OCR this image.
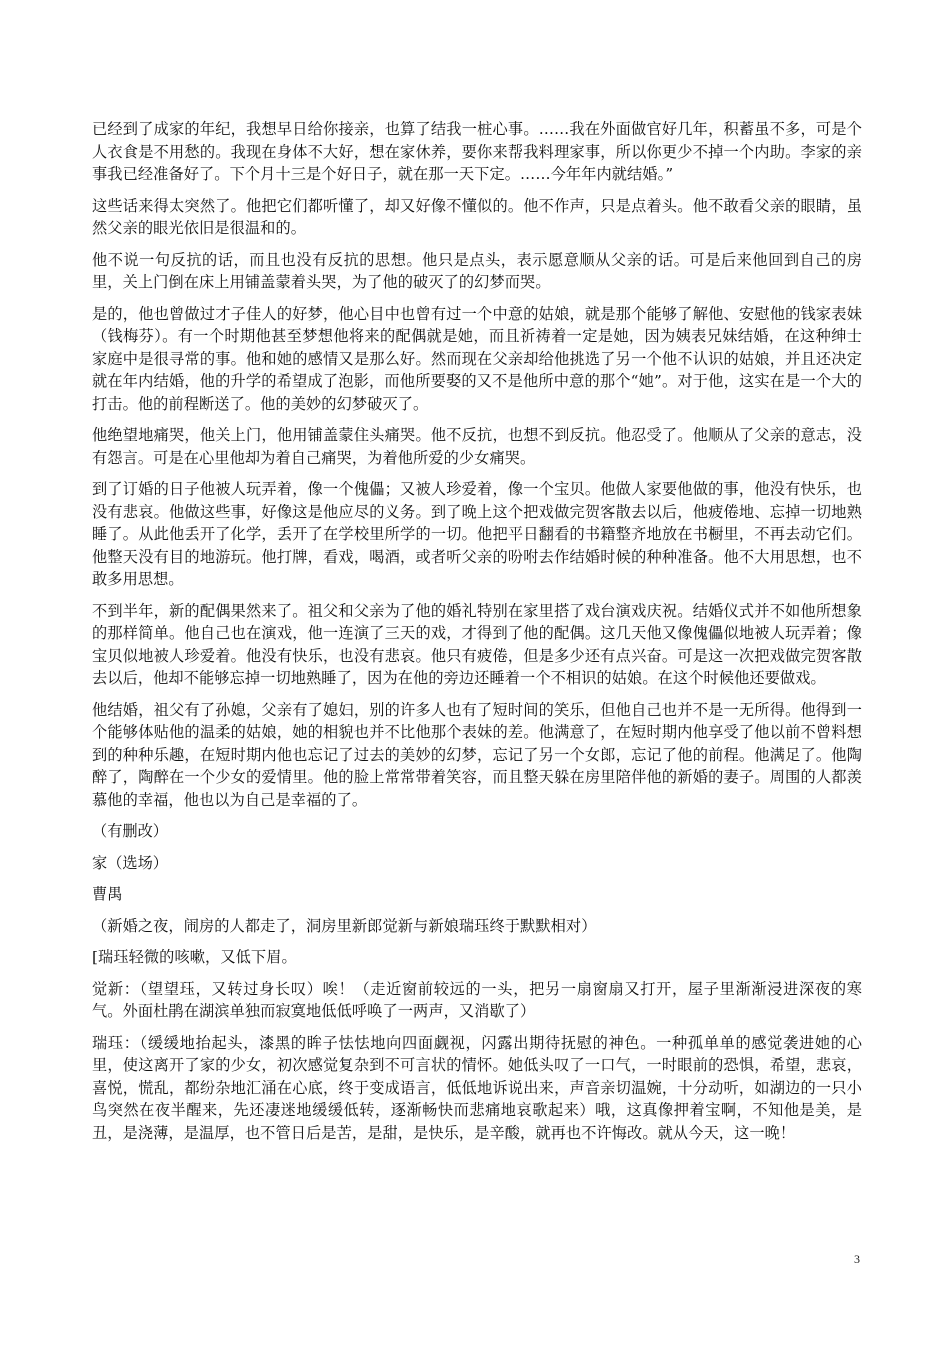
已经到了成家的年纪，我想早日给你接亲，也算了结我一桩心事。……我在外面做官好几年，积蓄虽不多，可是个人衣食是不用愁的。我现在身体不大好，想在家休养，要你来帮我料理家事，所以你更少不掉一个内助。李家的亲事我已经准备好了。下个月十三是个好日子，就在那一天下定。……今年年内就结婚。”

这些话来得太突然了。他把它们都听懂了，却又好像不懂似的。他不作声，只是点着头。他不敢看父亲的眼睛，虽然父亲的眼光依旧是很温和的。

他不说一句反抗的话，而且也没有反抗的思想。他只是点头，表示愿意顺从父亲的话。可是后来他回到自己的房里，关上门倒在床上用铺盖蒙着头哭，为了他的破灭了的幻梦而哭。

是的，他也曾做过才子佳人的好梦，他心目中也曾有过一个中意的姑娘，就是那个能够了解他、安慰他的钱家表妹（钱梅芬）。有一个时期他甚至梦想他将来的配偶就是她，而且祈祷着一定是她，因为姨表兄妹结婚，在这种绅士家庭中是很寻常的事。他和她的感情又是那么好。然而现在父亲却给他挑选了另一个他不认识的姑娘，并且还决定就在年内结婚，他的升学的希望成了泡影，而他所要娶的又不是他所中意的那个“她”。对于他，这实在是一个大的打击。他的前程断送了。他的美妙的幻梦破灭了。

他绝望地痛哭，他关上门，他用铺盖蒙住头痛哭。他不反抗，也想不到反抗。他忍受了。他顺从了父亲的意志，没有怨言。可是在心里他却为着自己痛哭，为着他所爱的少女痛哭。

到了订婚的日子他被人玩弄着，像一个傀儡；又被人珍爱着，像一个宝贝。他做人家要他做的事，他没有快乐，也没有悲哀。他做这些事，好像这是他应尽的义务。到了晚上这个把戏做完贺客散去以后，他疲倦地、忘掉一切地熟睡了。从此他丢开了化学，丢开了在学校里所学的一切。他把平日翻看的书籍整齐地放在书橱里，不再去动它们。他整天没有目的地游玩。他打牌，看戏，喝酒，或者听父亲的吩咐去作结婚时候的种种准备。他不大用思想，也不敢多用思想。

不到半年，新的配偶果然来了。祖父和父亲为了他的婚礼特别在家里搭了戏台演戏庆祝。结婚仪式并不如他所想象的那样简单。他自己也在演戏，他一连演了三天的戏，才得到了他的配偶。这几天他又像傀儡似地被人玩弄着；像宝贝似地被人珍爱着。他没有快乐，也没有悲哀。他只有疲倦，但是多少还有点兴奋。可是这一次把戏做完贺客散去以后，他却不能够忘掉一切地熟睡了，因为在他的旁边还睡着一个不相识的姑娘。在这个时候他还要做戏。

他结婚，祖父有了孙媳，父亲有了媳妇，别的许多人也有了短时间的笑乐，但他自己也并不是一无所得。他得到一个能够体贴他的温柔的姑娘，她的相貌也并不比他那个表妹的差。他满意了，在短时期内他享受了他以前不曾料想到的种种乐趣，在短时期内他也忘记了过去的美妙的幻梦，忘记了另一个女郎，忘记了他的前程。他满足了。他陶醉了，陶醉在一个少女的爱情里。他的脸上常常带着笑容，而且整天躲在房里陪伴他的新婚的妻子。周围的人都羡慕他的幸福，他也以为自己是幸福的了。

（有删改）

家（选场）

曹禺

（新婚之夜，闹房的人都走了，洞房里新郎觉新与新娘瑞珏终于默默相对）

[瑞珏轻微的咳嗽，又低下眉。

觉新：（望望珏，又转过身长叹）唉！（走近窗前较远的一头，把另一扇窗扇又打开，屋子里渐渐浸进深夜的寒气。外面杜鹃在湖滨单独而寂寞地低低呼唤了一两声，又消歇了）

瑞珏：（缓缓地抬起头，漆黑的眸子怯怯地向四面觑视，闪露出期待抚慰的神色。一种孤单单的感觉袭进她的心里，使这离开了家的少女，初次感觉复杂到不可言状的情怀。她低头叹了一口气，一时眼前的恐惧，希望，悲哀，喜悦，慌乱，都纷杂地汇涌在心底，终于变成语言，低低地诉说出来，声音亲切温婉，十分动听，如湖边的一只小鸟突然在夜半醒来，先还凄迷地缓缓低转，逐渐畅快而悲痛地哀歌起来）哦，这真像押着宝啊，不知他是美，是丑，是浇薄，是温厚，也不管日后是苦，是甜，是快乐，是辛酸，就再也不许悔改。就从今天，这一晚！

3
